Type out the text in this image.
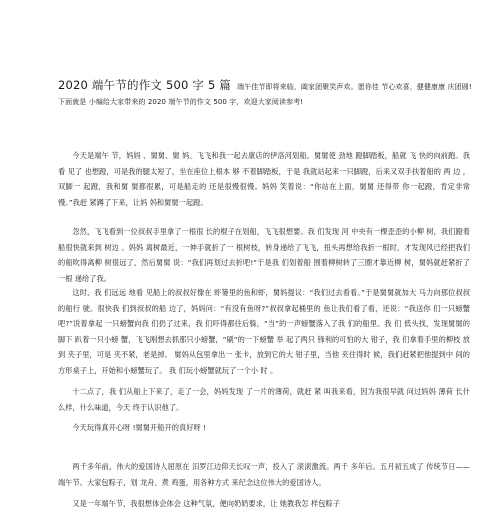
2020 端午节的作文 500 字 5 篇 端午佳节即将来临，阖家团聚笑声欢。愿你佳 节心欢喜，健健康康 庆团圆!下面就是 小编给大家带来的 2020 端午节的作文 500 字，欢迎大家阅读参考!

今天是端午 节，妈妈 、舅舅、舅 妈、飞飞和我一起去康店的伊洛河划船。舅舅使 劲地 蹬脚踏板，船就 飞 快的向前跑。我看 见了 也想蹬，可是我的腿太短了，坐在座位上根本 够 不着脚踏板，于是 我就站起来一只脚蹬，后来又双手扶着船的 两 边 ，双脚一 起蹬，我和舅 舅都很累，可是船走的 还是很慢很慢。妈妈 笑着说：“你站在上面，舅舅 还得带 你一起蹬，肯定非常慢。”我赶 紧蹲了下来，让妈 妈和舅舅一起蹬。

忽然，飞飞看到一位叔叔手里拿了一根很 长的棍子在划船，飞飞很想要。我 们发现 河 中央有一棵歪歪的小柳 树，我们蹬着船很快就来到 树边 。妈妈 离树最近，一伸手就折了一 根树枝，转身递给了飞飞，扭头再想给我折一根时，才发现风已经把我们的船吹得离柳 树很远了，然后舅舅 说：“我们再划过去折吧!”于是我 们划着船 围着柳树转了三圈才靠近柳 树，舅妈就赶紧折了一根 递给了我。

这时，我 们远远 地看 见船上的叔叔好像在 虾篓里的鱼和虾，舅妈提议：“我们过去看看。”于是舅舅就加大 马力向那位叔叔的船行 驶。很快我 们到叔叔的船 边了，妈妈问：“有没有鱼呀?”叔叔拿起桶里的 鱼让我们看了看，还说：“我送你 们一只螃蟹吧?”说着拿起 一只螃蟹向我 们扔了过来，我 们吓得都往后躲，“当”的一声螃蟹落入了我 们的船里。我 们 低头找，发现舅舅的脚下 趴着一只小螃 蟹，飞飞刚想去抓那只小螃蟹，“刷”的一下螃蟹 举 起了两只 锋利的可怕的大 钳子，我 们拿着手里的柳枝 放到 夹子里，可是 夹不紧，老是掉。 舅妈从包里拿出一 张卡，放到它的大 钳子里，当他 夹住得时 候，我们赶紧把他提到中 间的 方形桌子上，开始和小螃蟹玩了。 我 们玩小螃蟹就玩了一个小 时 。

十二点了，我 们从船上下来了，走了一会，妈妈发现 了一片的薄荷，就赶 紧 叫我来看，因为我很早就 问过妈妈 薄荷 长什么样，什么味道，今天 终于认识他了。

今天玩得真开心呀 !舅舅开船开的真好呀 !

两千多年前，伟大的爱国诗人屈原在 汨罗江边仰天长叹一声，投入了 滚滚激流。两千 多年后。五月初五成了 传统节日——端午节。大家包粽子，划 龙舟、煮 鸡蛋，用各种方式 来纪念这位伟大的爱国诗人。

又是一年端午节，我很想体会体会 这种气氛，便向奶奶要求，让 她教我怎 样包粽子
